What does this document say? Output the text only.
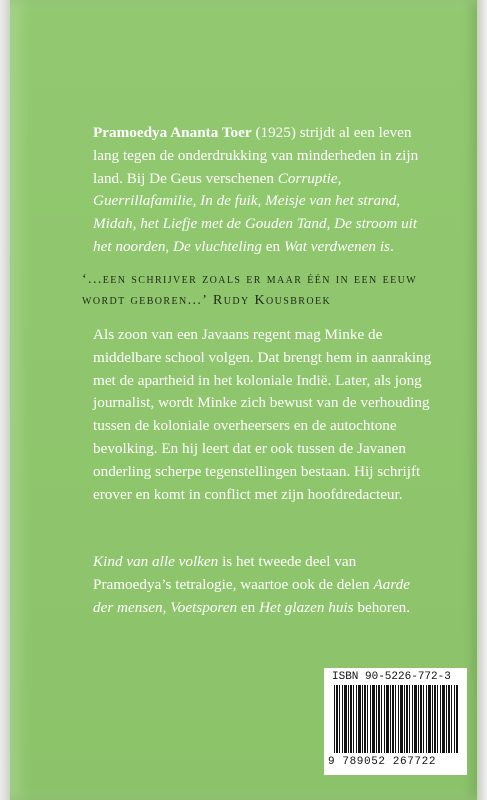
Pramoedya Ananta Toer (1925) strijdt al een leven lang tegen de onderdrukking van minderheden in zijn land. Bij De Geus verschenen Corruptie, Guerrillafamilie, In de fuik, Meisje van het strand, Midah, het Liefje met de Gouden Tand, De stroom uit het noorden, De vluchteling en Wat verdwenen is.
‘...een schrijver zoals er maar één in een eeuw wordt geboren...’ Rudy Kousbroek
Als zoon van een Javaans regent mag Minke de middelbare school volgen. Dat brengt hem in aanraking met de apartheid in het koloniale Indië. Later, als jong journalist, wordt Minke zich bewust van de verhouding tussen de koloniale overheersers en de autochtone bevolking. En hij leert dat er ook tussen de Javanen onderling scherpe tegenstellingen bestaan. Hij schrijft erover en komt in conflict met zijn hoofdredacteur.
Kind van alle volken is het tweede deel van Pramoedya’s tetralogie, waartoe ook de delen Aarde der mensen, Voetsporen en Het glazen huis behoren.
ISBN 90-5226-772-3
9 789052 267722
